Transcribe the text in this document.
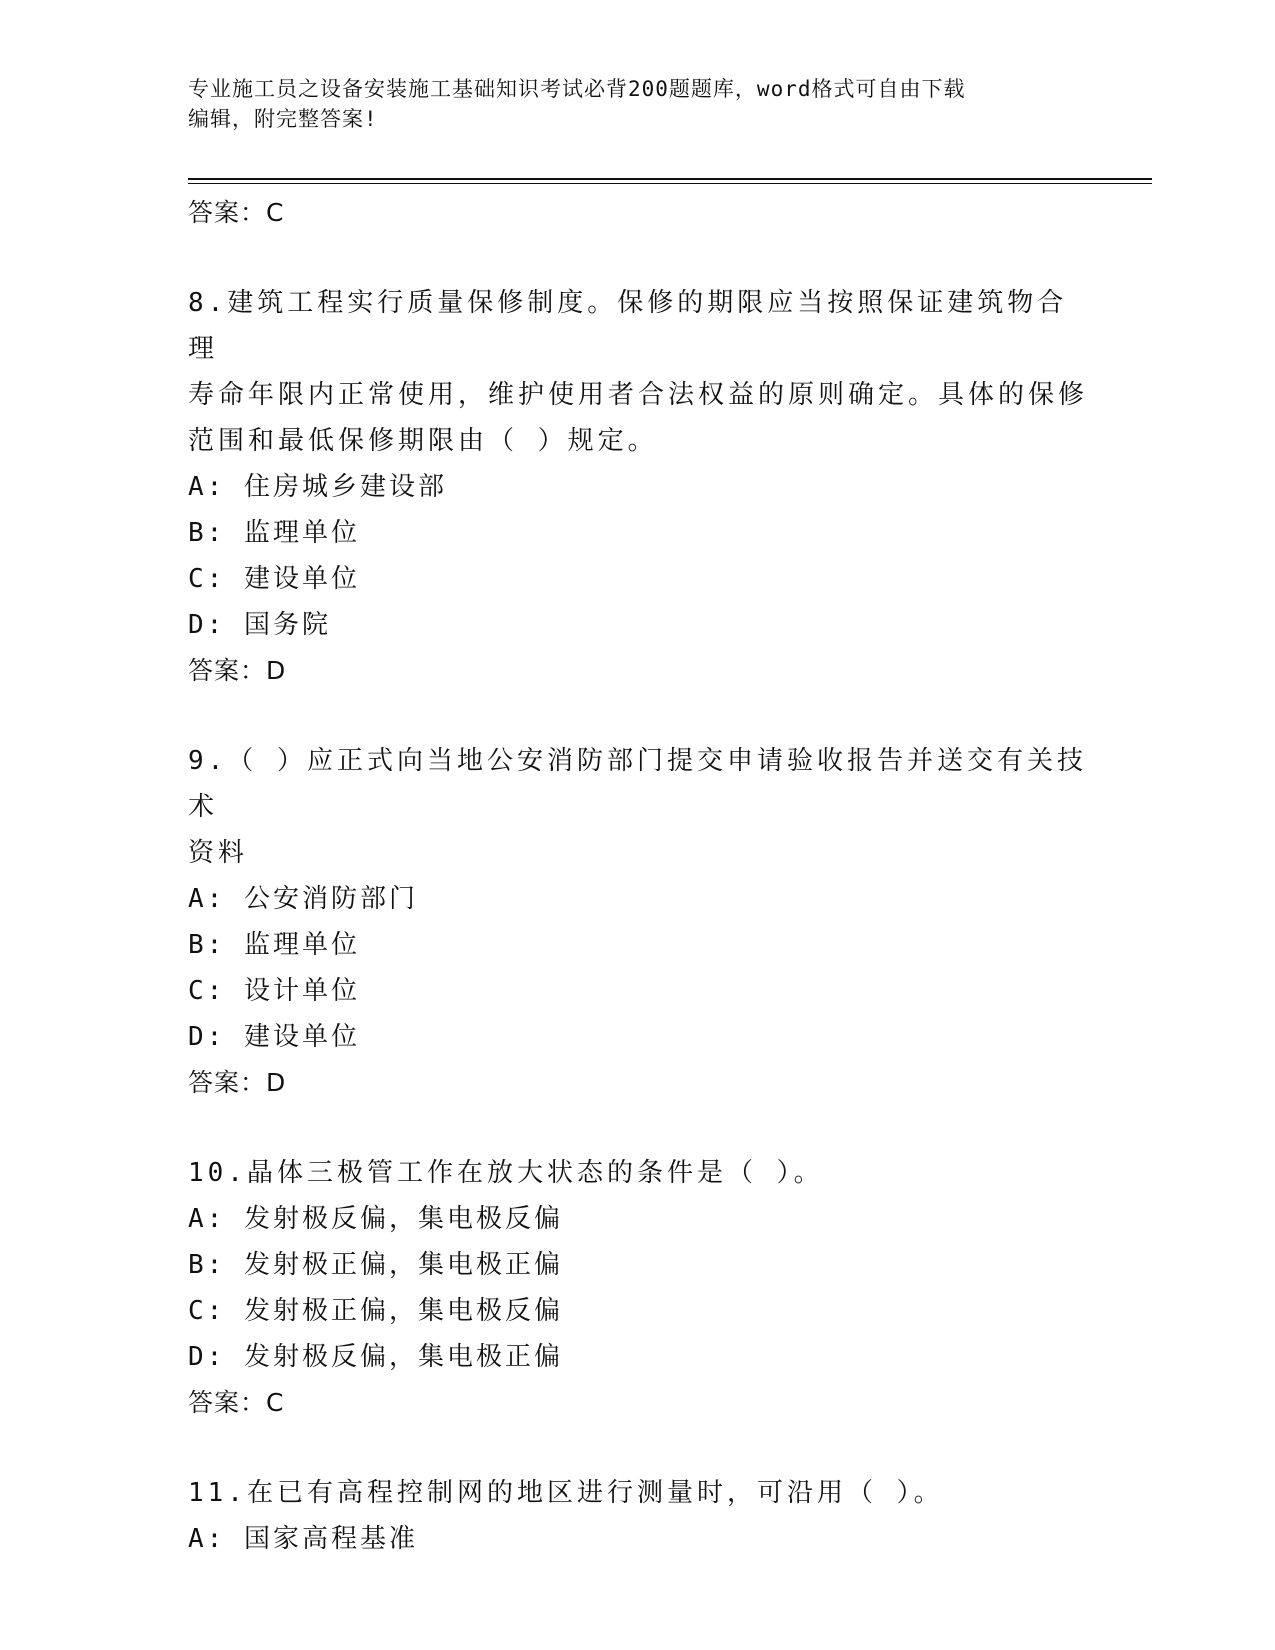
专业施工员之设备安装施工基础知识考试必背200题题库，word格式可自由下载
编辑，附完整答案!
答案：C
8.建筑工程实行质量保修制度。保修的期限应当按照保证建筑物合理
寿命年限内正常使用，维护使用者合法权益的原则确定。具体的保修
范围和最低保修期限由（ ）规定。
A: 住房城乡建设部
B: 监理单位
C: 建设单位
D: 国务院
答案：D
9.（ ）应正式向当地公安消防部门提交申请验收报告并送交有关技术
资料
A: 公安消防部门
B: 监理单位
C: 设计单位
D: 建设单位
答案：D
10.晶体三极管工作在放大状态的条件是（ ）。
A: 发射极反偏，集电极反偏
B: 发射极正偏，集电极正偏
C: 发射极正偏，集电极反偏
D: 发射极反偏，集电极正偏
答案：C
11.在已有高程控制网的地区进行测量时，可沿用（ ）。
A: 国家高程基准
